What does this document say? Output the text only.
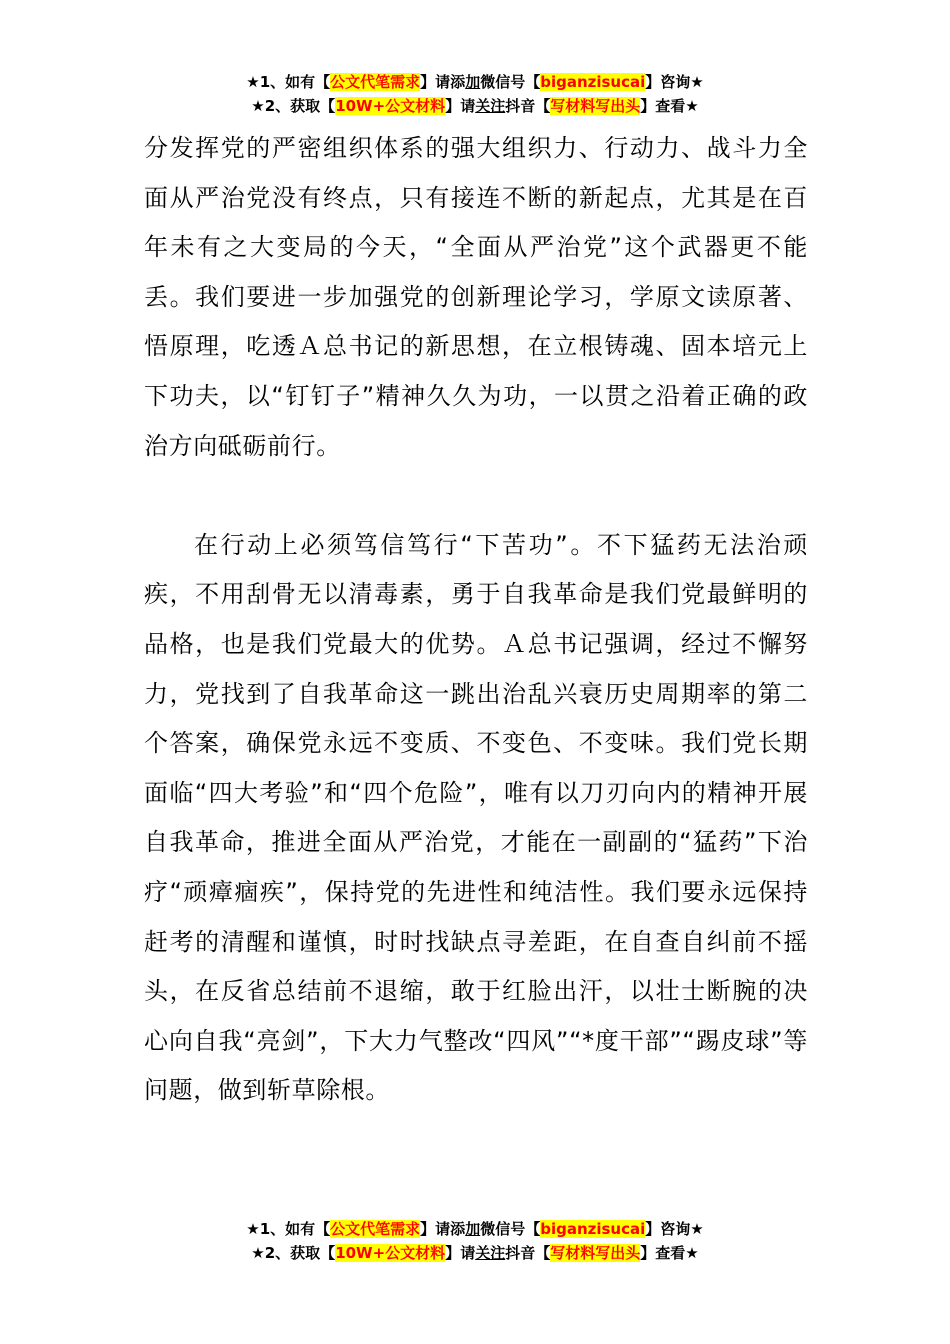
★1、如有【公文代笔需求】请添加微信号【biganzisucai】咨询★
★2、获取【10W+公文材料】请关注抖音【写材料写出头】查看★

分发挥党的严密组织体系的强大组织力、行动力、战斗力全面从严治党没有终点，只有接连不断的新起点，尤其是在百年未有之大变局的今天，“全面从严治党”这个武器更不能丢。我们要进一步加强党的创新理论学习，学原文读原著、悟原理，吃透Ａ总书记的新思想，在立根铸魂、固本培元上下功夫，以“钉钉子”精神久久为功，一以贯之沿着正确的政治方向砥砺前行。

在行动上必须笃信笃行“下苦功”。不下猛药无法治顽疾，不用刮骨无以清毒素，勇于自我革命是我们党最鲜明的品格，也是我们党最大的优势。Ａ总书记强调，经过不懈努力，党找到了自我革命这一跳出治乱兴衰历史周期率的第二个答案，确保党永远不变质、不变色、不变味。我们党长期面临“四大考验”和“四个危险”，唯有以刀刃向内的精神开展自我革命，推进全面从严治党，才能在一副副的“猛药”下治疗“顽瘴痼疾”，保持党的先进性和纯洁性。我们要永远保持赶考的清醒和谨慎，时时找缺点寻差距，在自查自纠前不摇头，在反省总结前不退缩，敢于红脸出汗，以壮士断腕的决心向自我“亮剑”，下大力气整改“四风”“*度干部”“踢皮球”等问题，做到斩草除根。

★1、如有【公文代笔需求】请添加微信号【biganzisucai】咨询★
★2、获取【10W+公文材料】请关注抖音【写材料写出头】查看★
